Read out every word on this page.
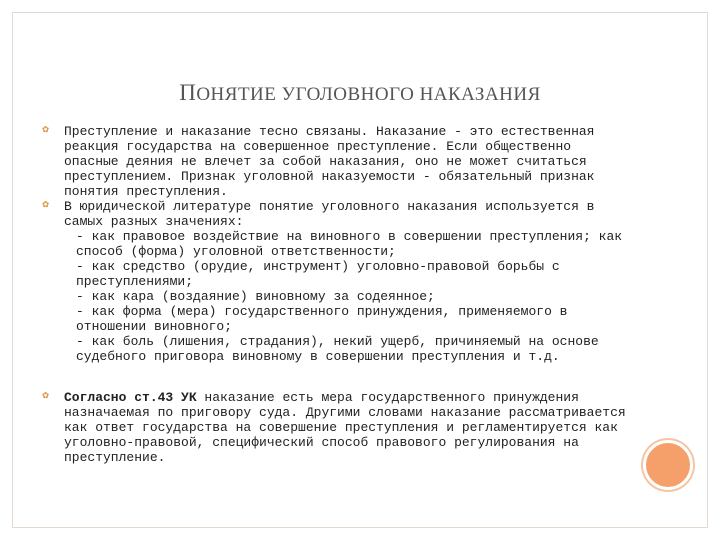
ПОНЯТИЕ УГОЛОВНОГО НАКАЗАНИЯ
✿ Преступление и наказание тесно связаны. Наказание - это естественная реакция государства на совершенное преступление. Если общественно опасные деяния не влечет за собой наказания, оно не может считаться преступлением. Признак уголовной наказуемости - обязательный признак понятия преступления.
✿ В юридической литературе понятие уголовного наказания используется в самых разных значениях:
- как правовое воздействие на виновного в совершении преступления; как способ (форма) уголовной ответственности;
- как средство (орудие, инструмент) уголовно-правовой борьбы с преступлениями;
- как кара (воздаяние) виновному за содеянное;
- как форма (мера) государственного принуждения, применяемого в отношении виновного;
- как боль (лишения, страдания), некий ущерб, причиняемый на основе судебного приговора виновному в совершении преступления и т.д.
✿ Согласно ст.43 УК наказание есть мера государственного принуждения назначаемая по приговору суда. Другими словами наказание рассматривается как ответ государства на совершение преступления и регламентируется как уголовно-правовой, специфический способ правового регулирования на преступление.
